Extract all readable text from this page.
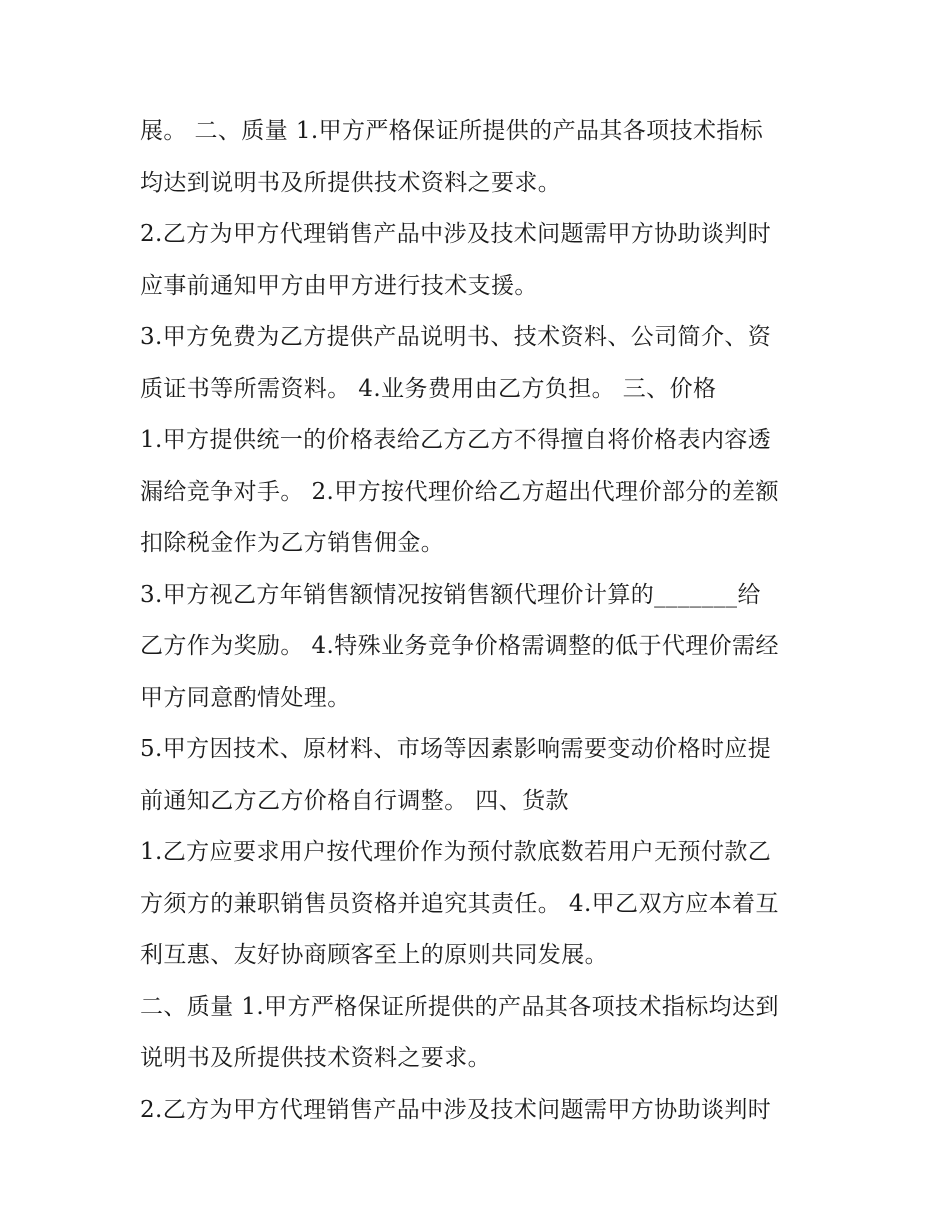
展。 二、质量 1.甲方严格保证所提供的产品其各项技术指标
均达到说明书及所提供技术资料之要求。
2.乙方为甲方代理销售产品中涉及技术问题需甲方协助谈判时
应事前通知甲方由甲方进行技术支援。
3.甲方免费为乙方提供产品说明书、技术资料、公司简介、资
质证书等所需资料。 4.业务费用由乙方负担。 三、价格
1.甲方提供统一的价格表给乙方乙方不得擅自将价格表内容透
漏给竞争对手。 2.甲方按代理价给乙方超出代理价部分的差额
扣除税金作为乙方销售佣金。
3.甲方视乙方年销售额情况按销售额代理价计算的_______给
乙方作为奖励。 4.特殊业务竞争价格需调整的低于代理价需经
甲方同意酌情处理。
5.甲方因技术、原材料、市场等因素影响需要变动价格时应提
前通知乙方乙方价格自行调整。 四、货款
1.乙方应要求用户按代理价作为预付款底数若用户无预付款乙
方须方的兼职销售员资格并追究其责任。 4.甲乙双方应本着互
利互惠、友好协商顾客至上的原则共同发展。
二、质量 1.甲方严格保证所提供的产品其各项技术指标均达到
说明书及所提供技术资料之要求。
2.乙方为甲方代理销售产品中涉及技术问题需甲方协助谈判时
